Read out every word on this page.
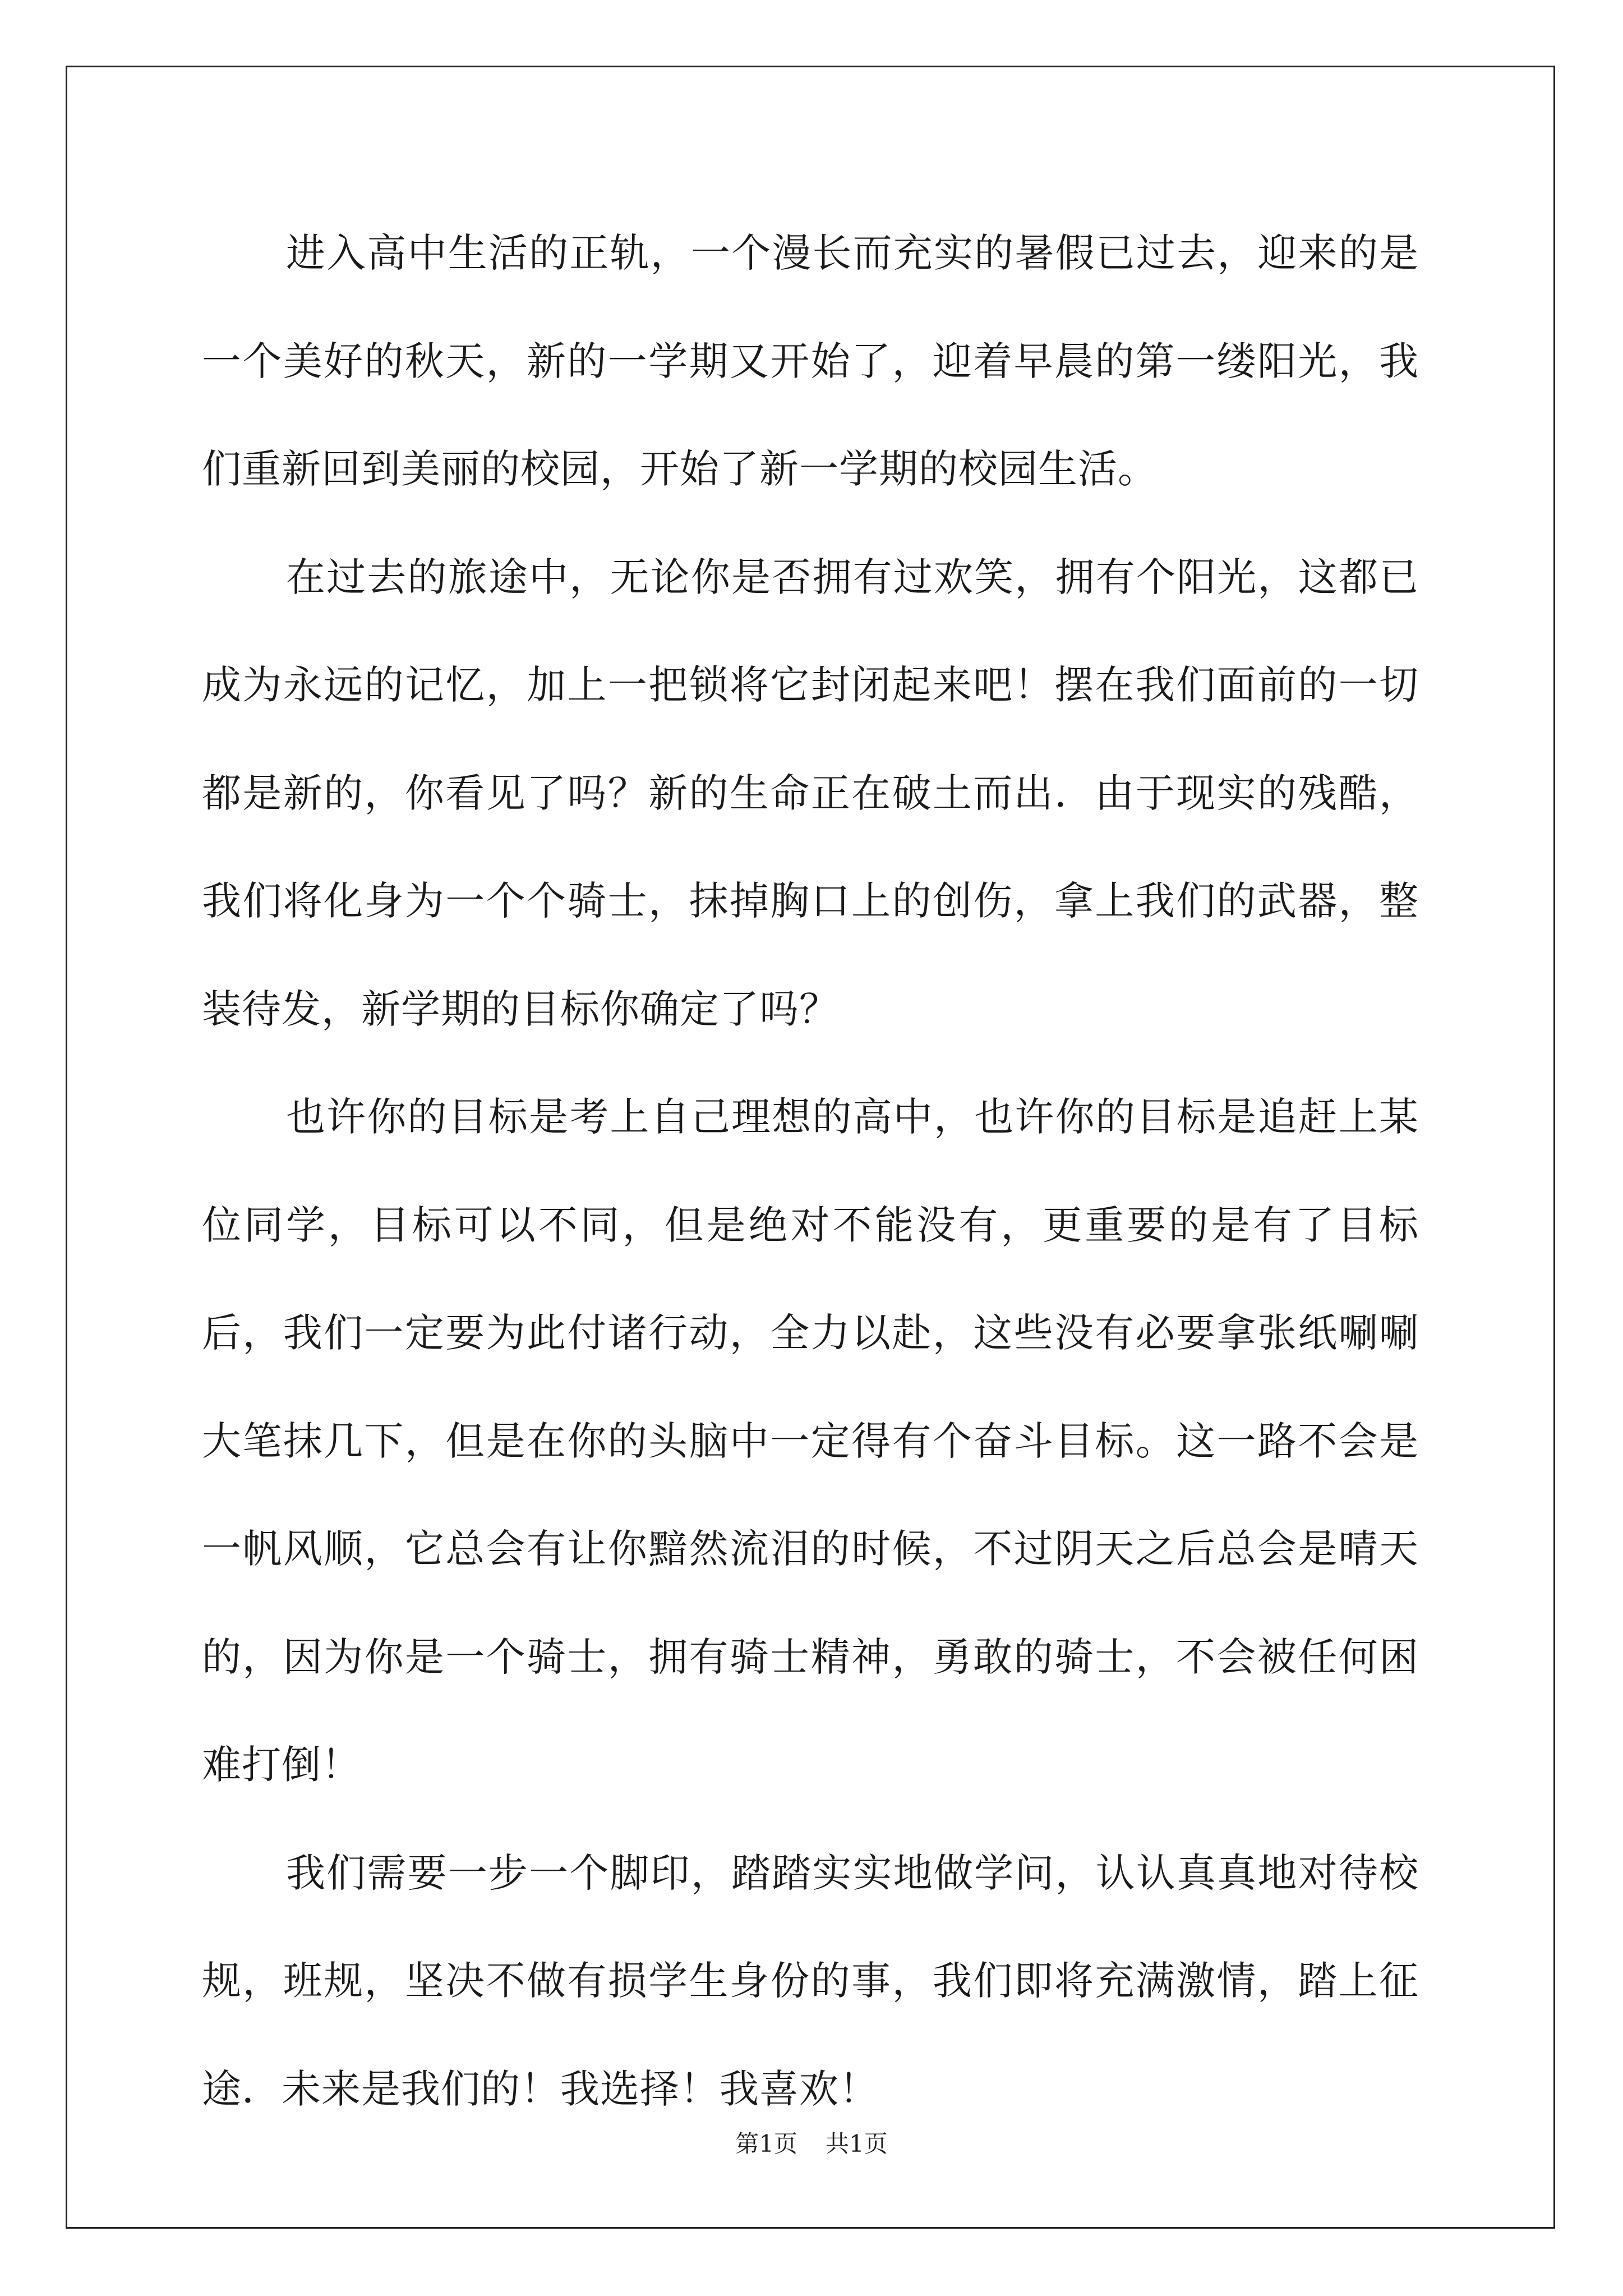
进入高中生活的正轨，一个漫长而充实的暑假已过去，迎来的是一个美好的秋天，新的一学期又开始了，迎着早晨的第一缕阳光，我们重新回到美丽的校园，开始了新一学期的校园生活。

在过去的旅途中，无论你是否拥有过欢笑，拥有个阳光，这都已成为永远的记忆，加上一把锁将它封闭起来吧！摆在我们面前的一切都是新的，你看见了吗？新的生命正在破土而出．由于现实的残酷，我们将化身为一个个骑士，抹掉胸口上的创伤，拿上我们的武器，整装待发，新学期的目标你确定了吗？

也许你的目标是考上自己理想的高中，也许你的目标是追赶上某位同学，目标可以不同，但是绝对不能没有，更重要的是有了目标后，我们一定要为此付诸行动，全力以赴，这些没有必要拿张纸唰唰大笔抹几下，但是在你的头脑中一定得有个奋斗目标。这一路不会是一帆风顺，它总会有让你黯然流泪的时候，不过阴天之后总会是晴天的，因为你是一个骑士，拥有骑士精神，勇敢的骑士，不会被任何困难打倒！

我们需要一步一个脚印，踏踏实实地做学问，认认真真地对待校规，班规，坚决不做有损学生身份的事，我们即将充满激情，踏上征途．未来是我们的！我选择！我喜欢！

第1页 共1页
